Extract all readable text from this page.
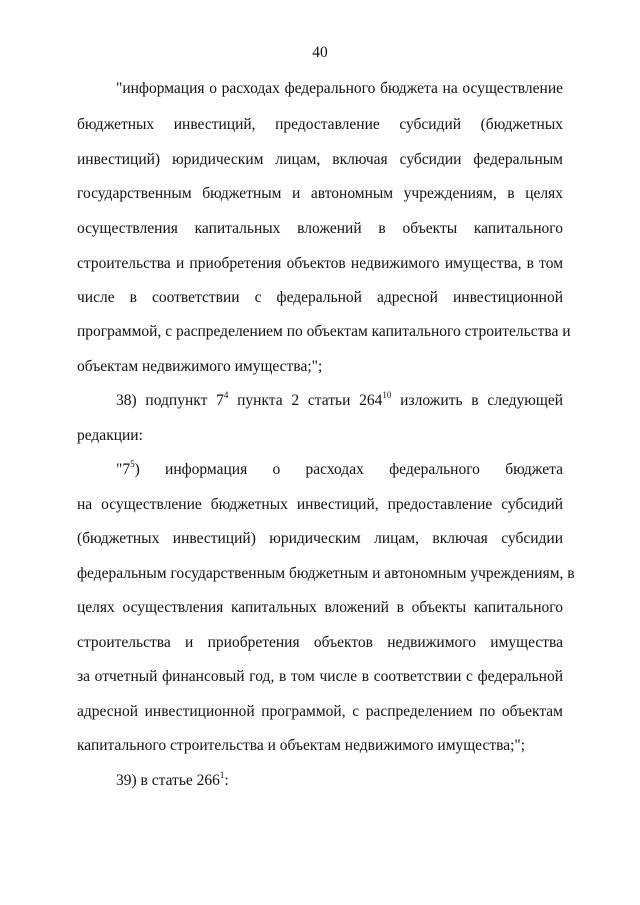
40
"информация о расходах федерального бюджета на осуществление
бюджетных инвестиций, предоставление субсидий (бюджетных
инвестиций) юридическим лицам, включая субсидии федеральным
государственным бюджетным и автономным учреждениям, в целях
осуществления капитальных вложений в объекты капитального
строительства и приобретения объектов недвижимого имущества, в том
числе в соответствии с федеральной адресной инвестиционной
программой, с распределением по объектам капитального строительства и
объектам недвижимого имущества;";
38) подпункт $7^4$ пункта 2 статьи $264^{10}$ изложить в следующей
редакции:
"$7^5$) информация о расходах федерального бюджета
на осуществление бюджетных инвестиций, предоставление субсидий
(бюджетных инвестиций) юридическим лицам, включая субсидии
федеральным государственным бюджетным и автономным учреждениям, в
целях осуществления капитальных вложений в объекты капитального
строительства и приобретения объектов недвижимого имущества
за отчетный финансовый год, в том числе в соответствии с федеральной
адресной инвестиционной программой, с распределением по объектам
капитального строительства и объектам недвижимого имущества;";
39) в статье $266^1$:
